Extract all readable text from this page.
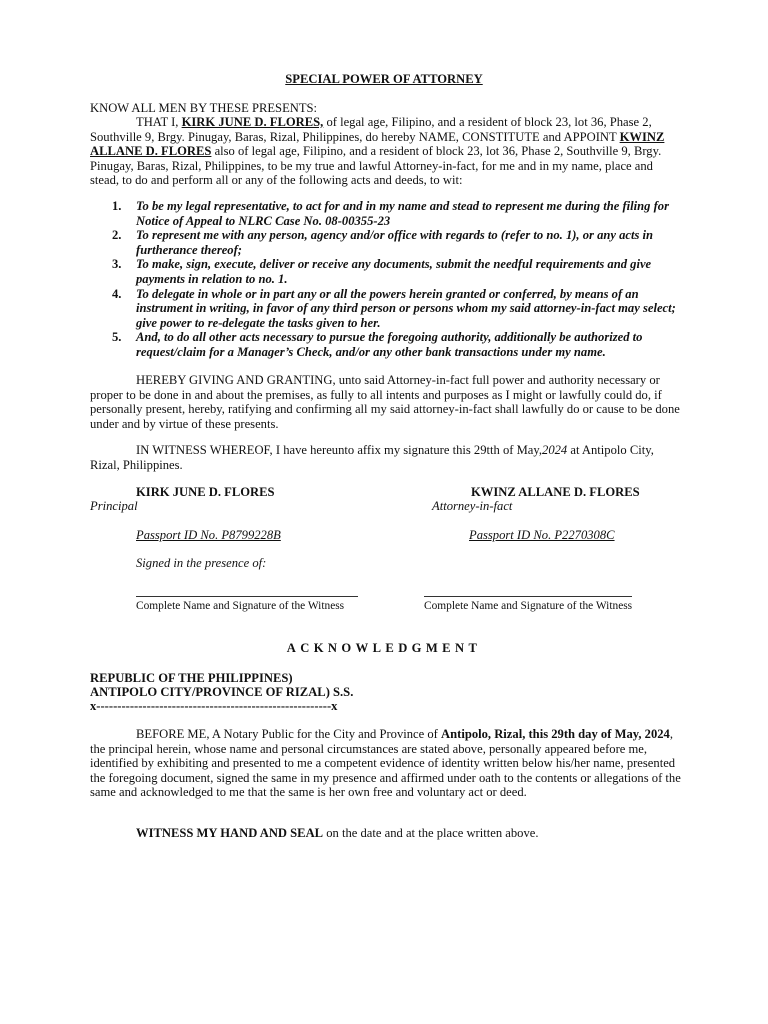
SPECIAL POWER OF ATTORNEY
KNOW ALL MEN BY THESE PRESENTS:
THAT I, KIRK JUNE D. FLORES, of legal age, Filipino, and a resident of block 23, lot 36, Phase 2, Southville 9, Brgy. Pinugay, Baras, Rizal, Philippines, do hereby NAME, CONSTITUTE and APPOINT KWINZ ALLANE D. FLORES also of legal age, Filipino, and a resident of block 23, lot 36, Phase 2, Southville 9, Brgy. Pinugay, Baras, Rizal, Philippines, to be my true and lawful Attorney-in-fact, for me and in my name, place and stead, to do and perform all or any of the following acts and deeds, to wit:
1. To be my legal representative, to act for and in my name and stead to represent me during the filing for Notice of Appeal to NLRC Case No. 08-00355-23
2. To represent me with any person, agency and/or office with regards to (refer to no. 1), or any acts in furtherance thereof;
3. To make, sign, execute, deliver or receive any documents, submit the needful requirements and give payments in relation to no. 1.
4. To delegate in whole or in part any or all the powers herein granted or conferred, by means of an instrument in writing, in favor of any third person or persons whom my said attorney-in-fact may select; give power to re-delegate the tasks given to her.
5. And, to do all other acts necessary to pursue the foregoing authority, additionally be authorized to request/claim for a Manager’s Check, and/or any other bank transactions under my name.
HEREBY GIVING AND GRANTING, unto said Attorney-in-fact full power and authority necessary or proper to be done in and about the premises, as fully to all intents and purposes as I might or lawfully could do, if personally present, hereby, ratifying and confirming all my said attorney-in-fact shall lawfully do or cause to be done under and by virtue of these presents.
IN WITNESS WHEREOF, I have hereunto affix my signature this 29tth of May,2024 at Antipolo City, Rizal, Philippines.
KIRK JUNE D. FLORES	KWINZ ALLANE D. FLORES
Principal	Attorney-in-fact
Passport ID No. P8799228B	Passport ID No. P2270308C
Signed in the presence of:
Complete Name and Signature of the Witness	Complete Name and Signature of the Witness
ACKNOWLEDGMENT
REPUBLIC OF THE PHILIPPINES)
ANTIPOLO CITY/PROVINCE OF RIZAL) S.S.
x--------------------------------------------------------x
BEFORE ME, A Notary Public for the City and Province of Antipolo, Rizal, this 29th day of May, 2024, the principal herein, whose name and personal circumstances are stated above, personally appeared before me, identified by exhibiting and presented to me a competent evidence of identity written below his/her name, presented the foregoing document, signed the same in my presence and affirmed under oath to the contents or allegations of the same and acknowledged to me that the same is her own free and voluntary act or deed.
WITNESS MY HAND AND SEAL on the date and at the place written above.
